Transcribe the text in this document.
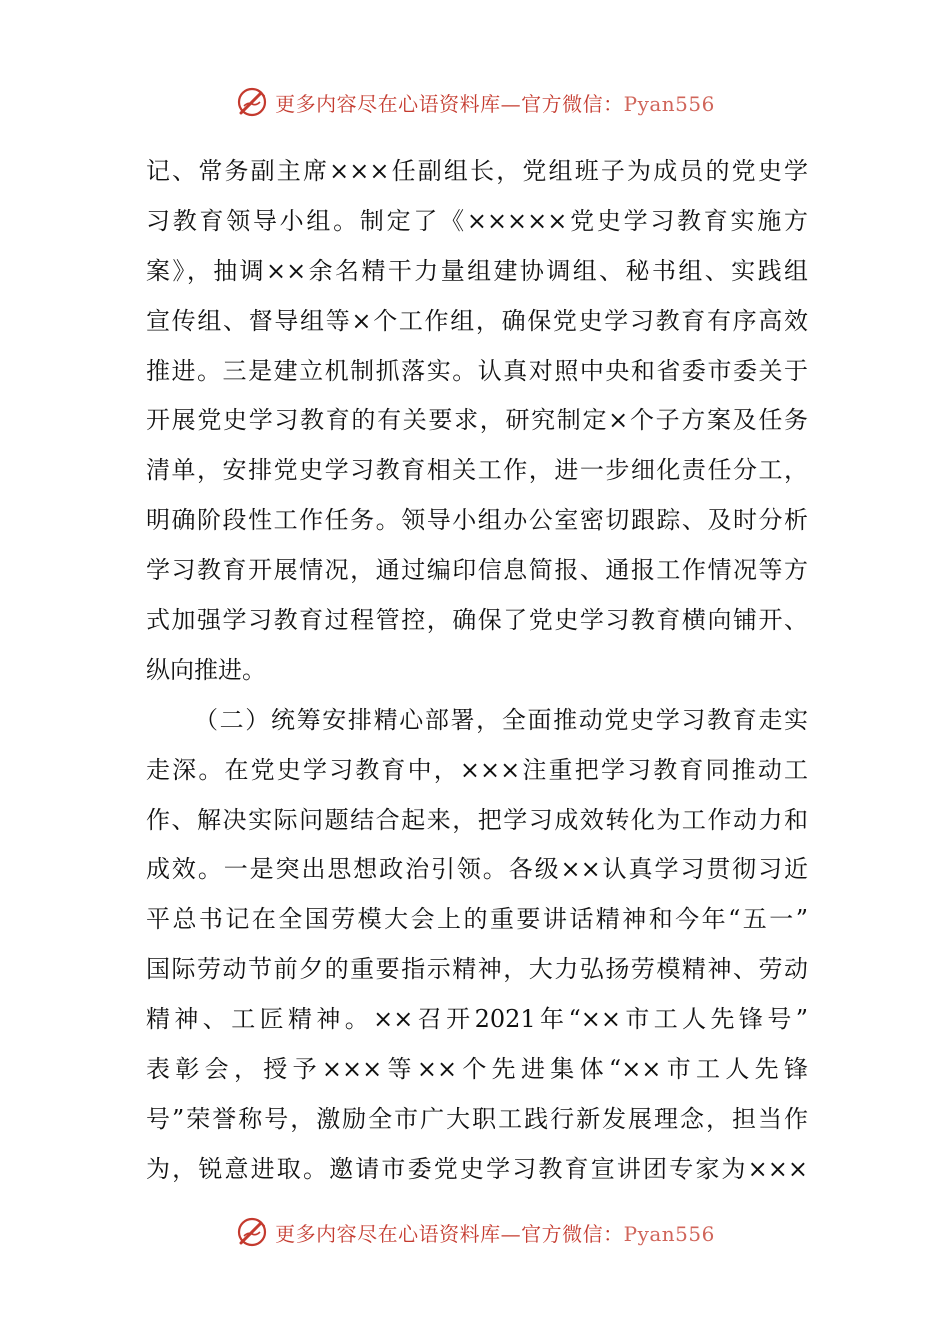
更多内容尽在心语资料库—官方微信：Pyan556
记、常务副主席×××任副组长，党组班子为成员的党史学
习教育领导小组。制定了《×××××党史学习教育实施方
案》，抽调××余名精干力量组建协调组、秘书组、实践组
宣传组、督导组等×个工作组，确保党史学习教育有序高效
推进。三是建立机制抓落实。认真对照中央和省委市委关于
开展党史学习教育的有关要求，研究制定×个子方案及任务
清单，安排党史学习教育相关工作，进一步细化责任分工，
明确阶段性工作任务。领导小组办公室密切跟踪、及时分析
学习教育开展情况，通过编印信息简报、通报工作情况等方
式加强学习教育过程管控，确保了党史学习教育横向铺开、
纵向推进。
（二）统筹安排精心部署，全面推动党史学习教育走实
走深。在党史学习教育中，×××注重把学习教育同推动工
作、解决实际问题结合起来，把学习成效转化为工作动力和
成效。一是突出思想政治引领。各级××认真学习贯彻习近
平总书记在全国劳模大会上的重要讲话精神和今年“五一”
国际劳动节前夕的重要指示精神，大力弘扬劳模精神、劳动
精神、工匠精神。××召开2021年“××市工人先锋号”
表彰会，授予×××等××个先进集体“××市工人先锋
号”荣誉称号，激励全市广大职工践行新发展理念，担当作
为，锐意进取。邀请市委党史学习教育宣讲团专家为×××
更多内容尽在心语资料库—官方微信：Pyan556
